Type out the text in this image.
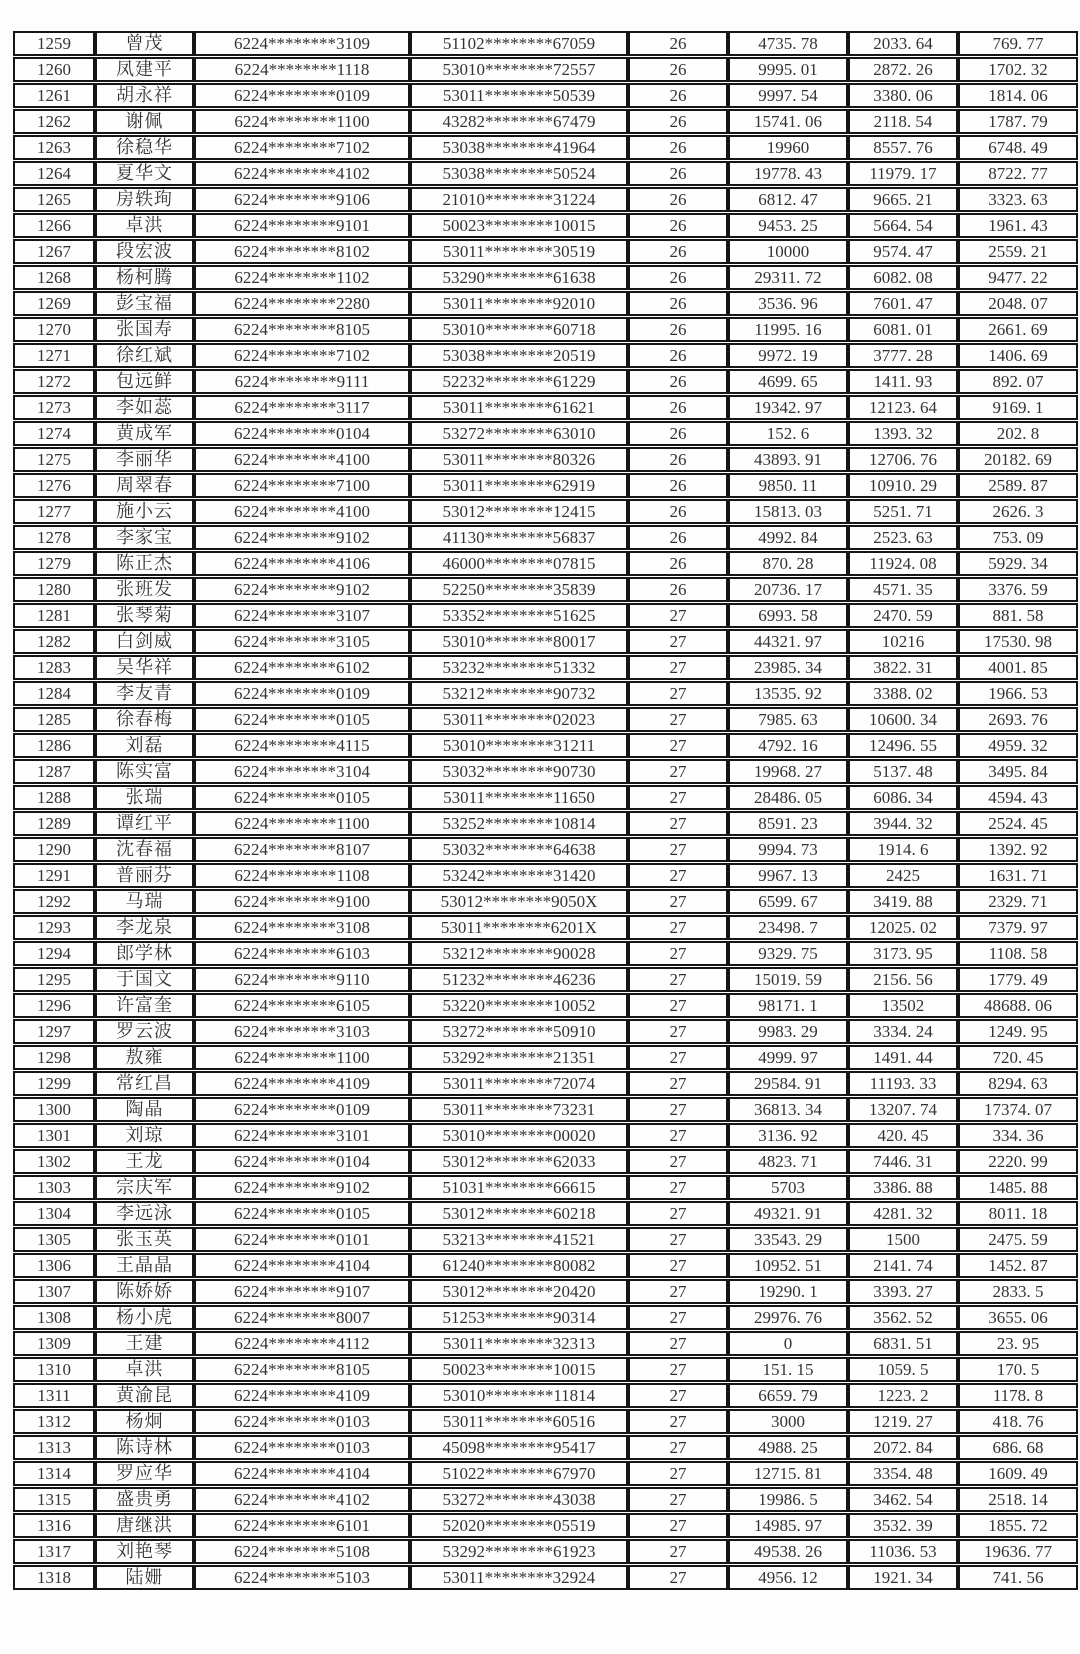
1259	曾茂	6224********3109	51102********67059	26	4735. 78	2033. 64	769. 77
1260	凤建平	6224********1118	53010********72557	26	9995. 01	2872. 26	1702. 32
1261	胡永祥	6224********0109	53011********50539	26	9997. 54	3380. 06	1814. 06
1262	谢佩	6224********1100	43282********67479	26	15741. 06	2118. 54	1787. 79
1263	徐稳华	6224********7102	53038********41964	26	19960	8557. 76	6748. 49
1264	夏华文	6224********4102	53038********50524	26	19778. 43	11979. 17	8722. 77
1265	房轶珣	6224********9106	21010********31224	26	6812. 47	9665. 21	3323. 63
1266	卓洪	6224********9101	50023********10015	26	9453. 25	5664. 54	1961. 43
1267	段宏波	6224********8102	53011********30519	26	10000	9574. 47	2559. 21
1268	杨柯腾	6224********1102	53290********61638	26	29311. 72	6082. 08	9477. 22
1269	彭宝福	6224********2280	53011********92010	26	3536. 96	7601. 47	2048. 07
1270	张国寿	6224********8105	53010********60718	26	11995. 16	6081. 01	2661. 69
1271	徐红斌	6224********7102	53038********20519	26	9972. 19	3777. 28	1406. 69
1272	包远鲜	6224********9111	52232********61229	26	4699. 65	1411. 93	892. 07
1273	李如蕊	6224********3117	53011********61621	26	19342. 97	12123. 64	9169. 1
1274	黄成军	6224********0104	53272********63010	26	152. 6	1393. 32	202. 8
1275	李丽华	6224********4100	53011********80326	26	43893. 91	12706. 76	20182. 69
1276	周翠春	6224********7100	53011********62919	26	9850. 11	10910. 29	2589. 87
1277	施小云	6224********4100	53012********12415	26	15813. 03	5251. 71	2626. 3
1278	李家宝	6224********9102	41130********56837	26	4992. 84	2523. 63	753. 09
1279	陈正杰	6224********4106	46000********07815	26	870. 28	11924. 08	5929. 34
1280	张班发	6224********9102	52250********35839	26	20736. 17	4571. 35	3376. 59
1281	张琴菊	6224********3107	53352********51625	27	6993. 58	2470. 59	881. 58
1282	白剑威	6224********3105	53010********80017	27	44321. 97	10216	17530. 98
1283	吴华祥	6224********6102	53232********51332	27	23985. 34	3822. 31	4001. 85
1284	李友青	6224********0109	53212********90732	27	13535. 92	3388. 02	1966. 53
1285	徐春梅	6224********0105	53011********02023	27	7985. 63	10600. 34	2693. 76
1286	刘磊	6224********4115	53010********31211	27	4792. 16	12496. 55	4959. 32
1287	陈实富	6224********3104	53032********90730	27	19968. 27	5137. 48	3495. 84
1288	张瑞	6224********0105	53011********11650	27	28486. 05	6086. 34	4594. 43
1289	谭红平	6224********1100	53252********10814	27	8591. 23	3944. 32	2524. 45
1290	沈春福	6224********8107	53032********64638	27	9994. 73	1914. 6	1392. 92
1291	普丽芬	6224********1108	53242********31420	27	9967. 13	2425	1631. 71
1292	马瑞	6224********9100	53012********9050X	27	6599. 67	3419. 88	2329. 71
1293	李龙泉	6224********3108	53011********6201X	27	23498. 7	12025. 02	7379. 97
1294	郎学林	6224********6103	53212********90028	27	9329. 75	3173. 95	1108. 58
1295	于国文	6224********9110	51232********46236	27	15019. 59	2156. 56	1779. 49
1296	许富奎	6224********6105	53220********10052	27	98171. 1	13502	48688. 06
1297	罗云波	6224********3103	53272********50910	27	9983. 29	3334. 24	1249. 95
1298	敖雍	6224********1100	53292********21351	27	4999. 97	1491. 44	720. 45
1299	常红昌	6224********4109	53011********72074	27	29584. 91	11193. 33	8294. 63
1300	陶晶	6224********0109	53011********73231	27	36813. 34	13207. 74	17374. 07
1301	刘琼	6224********3101	53010********00020	27	3136. 92	420. 45	334. 36
1302	王龙	6224********0104	53012********62033	27	4823. 71	7446. 31	2220. 99
1303	宗庆军	6224********9102	51031********66615	27	5703	3386. 88	1485. 88
1304	李远泳	6224********0105	53012********60218	27	49321. 91	4281. 32	8011. 18
1305	张玉英	6224********0101	53213********41521	27	33543. 29	1500	2475. 59
1306	王晶晶	6224********4104	61240********80082	27	10952. 51	2141. 74	1452. 87
1307	陈娇娇	6224********9107	53012********20420	27	19290. 1	3393. 27	2833. 5
1308	杨小虎	6224********8007	51253********90314	27	29976. 76	3562. 52	3655. 06
1309	王建	6224********4112	53011********32313	27	0	6831. 51	23. 95
1310	卓洪	6224********8105	50023********10015	27	151. 15	1059. 5	170. 5
1311	黄渝昆	6224********4109	53010********11814	27	6659. 79	1223. 2	1178. 8
1312	杨炯	6224********0103	53011********60516	27	3000	1219. 27	418. 76
1313	陈诗林	6224********0103	45098********95417	27	4988. 25	2072. 84	686. 68
1314	罗应华	6224********4104	51022********67970	27	12715. 81	3354. 48	1609. 49
1315	盛贵勇	6224********4102	53272********43038	27	19986. 5	3462. 54	2518. 14
1316	唐继洪	6224********6101	52020********05519	27	14985. 97	3532. 39	1855. 72
1317	刘艳琴	6224********5108	53292********61923	27	49538. 26	11036. 53	19636. 77
1318	陆姗	6224********5103	53011********32924	27	4956. 12	1921. 34	741. 56
